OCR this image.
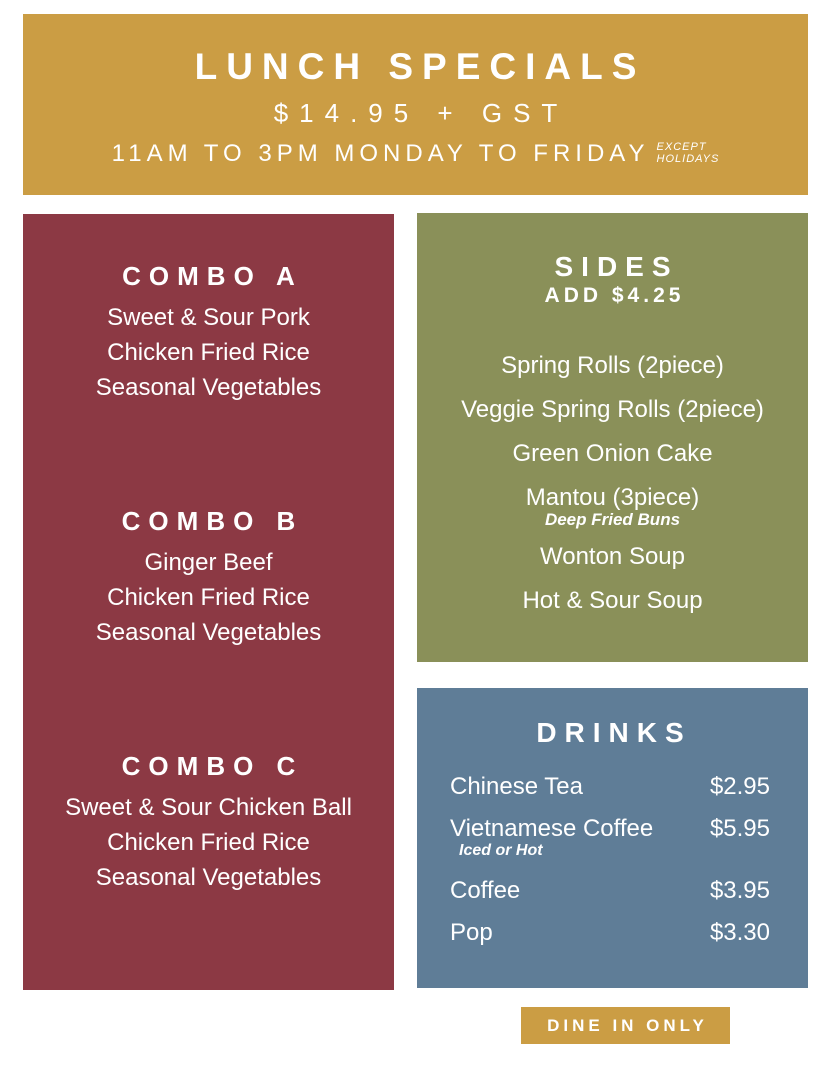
LUNCH SPECIALS
$14.95 + GST
11AM TO 3PM MONDAY TO FRIDAY EXCEPT
HOLIDAYS
COMBO A
Sweet & Sour Pork
Chicken Fried Rice
Seasonal Vegetables
COMBO B
Ginger Beef
Chicken Fried Rice
Seasonal Vegetables
COMBO C
Sweet & Sour Chicken Ball
Chicken Fried Rice
Seasonal Vegetables
SIDES
ADD $4.25
Spring Rolls (2piece)
Veggie Spring Rolls (2piece)
Green Onion Cake
Mantou (3piece)
Deep Fried Buns
Wonton Soup
Hot & Sour Soup
DRINKS
Chinese Tea	$2.95
Vietnamese Coffee $5.95
Iced or Hot
Coffee	$3.95
Pop	$3.30
DINE IN ONLY
